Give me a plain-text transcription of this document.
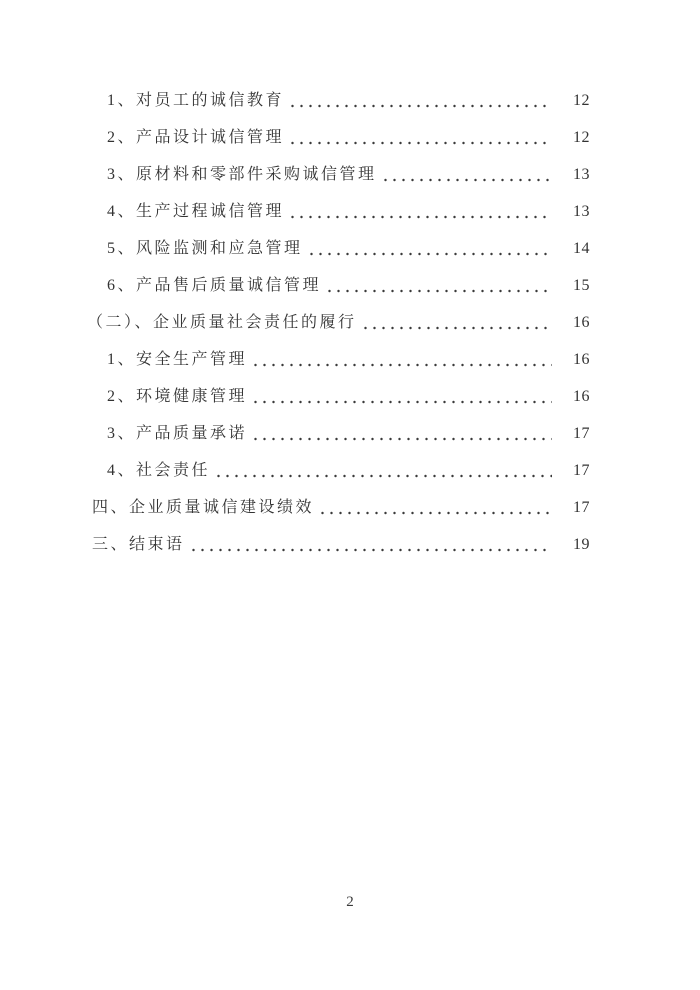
1、对员工的诚信教育	12
2、产品设计诚信管理	12
3、原材料和零部件采购诚信管理	13
4、生产过程诚信管理	13
5、风险监测和应急管理	14
6、产品售后质量诚信管理	15
（二）、企业质量社会责任的履行	16
1、安全生产管理	16
2、环境健康管理	16
3、产品质量承诺	17
4、社会责任	17
四、企业质量诚信建设绩效	17
三、结束语	19
2
